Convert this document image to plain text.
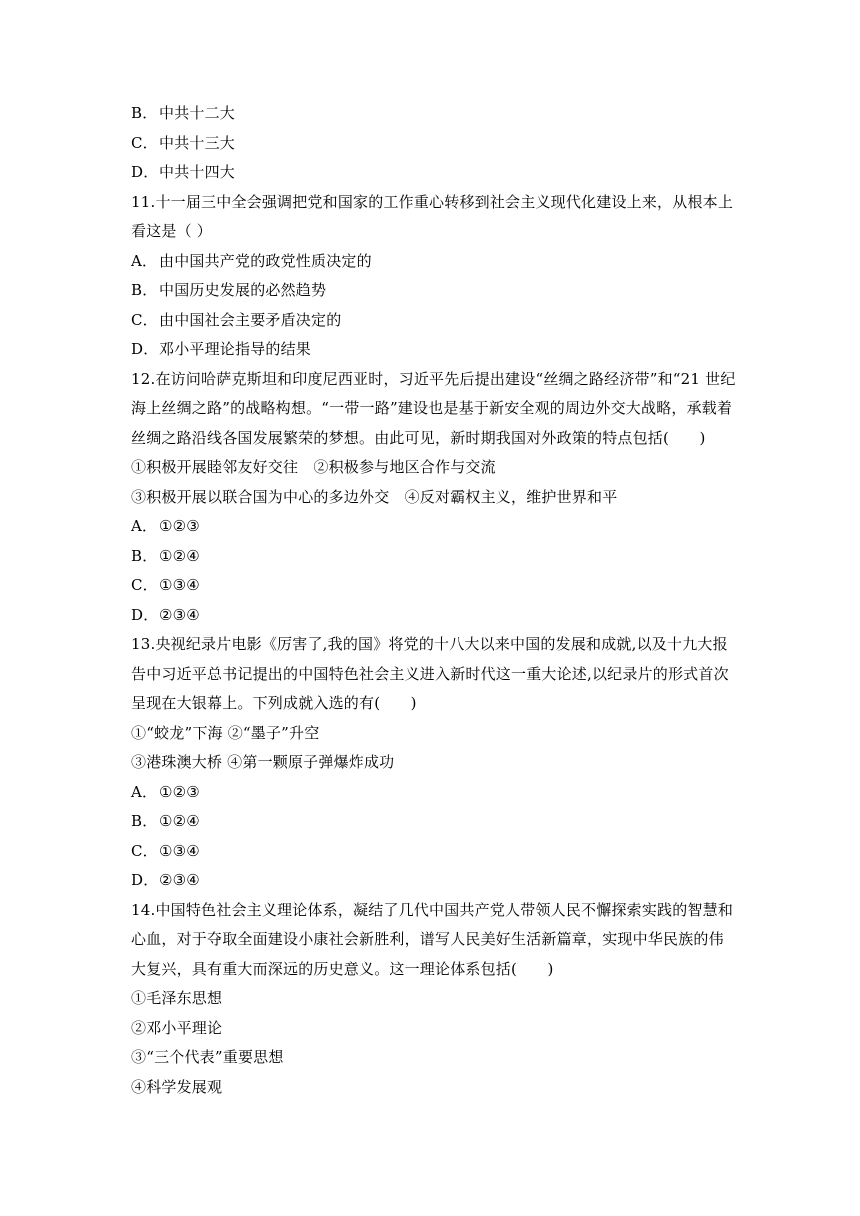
B． 中共十二大
C．中共十三大
D．中共十四大
11.十一届三中全会强调把党和国家的工作重心转移到社会主义现代化建设上来，从根本上
看这是（ ）
A． 由中国共产党的政党性质决定的
B． 中国历史发展的必然趋势
C．由中国社会主要矛盾决定的
D．邓小平理论指导的结果
12.在访问哈萨克斯坦和印度尼西亚时，习近平先后提出建设“丝绸之路经济带”和“21 世纪
海上丝绸之路”的战略构想。“一带一路”建设也是基于新安全观的周边外交大战略，承载着
丝绸之路沿线各国发展繁荣的梦想。由此可见，新时期我国对外政策的特点包括(　　)
①积极开展睦邻友好交往　②积极参与地区合作与交流
③积极开展以联合国为中心的多边外交　④反对霸权主义，维护世界和平
A． ①②③
B． ①②④
C．①③④
D．②③④
13.央视纪录片电影《厉害了,我的国》将党的十八大以来中国的发展和成就,以及十九大报
告中习近平总书记提出的中国特色社会主义进入新时代这一重大论述,以纪录片的形式首次
呈现在大银幕上。下列成就入选的有(　　)
①“蛟龙”下海 ②“墨子”升空
③港珠澳大桥 ④第一颗原子弹爆炸成功
A． ①②③
B． ①②④
C．①③④
D．②③④
14.中国特色社会主义理论体系，凝结了几代中国共产党人带领人民不懈探索实践的智慧和
心血，对于夺取全面建设小康社会新胜利，谱写人民美好生活新篇章，实现中华民族的伟
大复兴，具有重大而深远的历史意义。这一理论体系包括(　　)
①毛泽东思想
②邓小平理论
③“三个代表”重要思想
④科学发展观
